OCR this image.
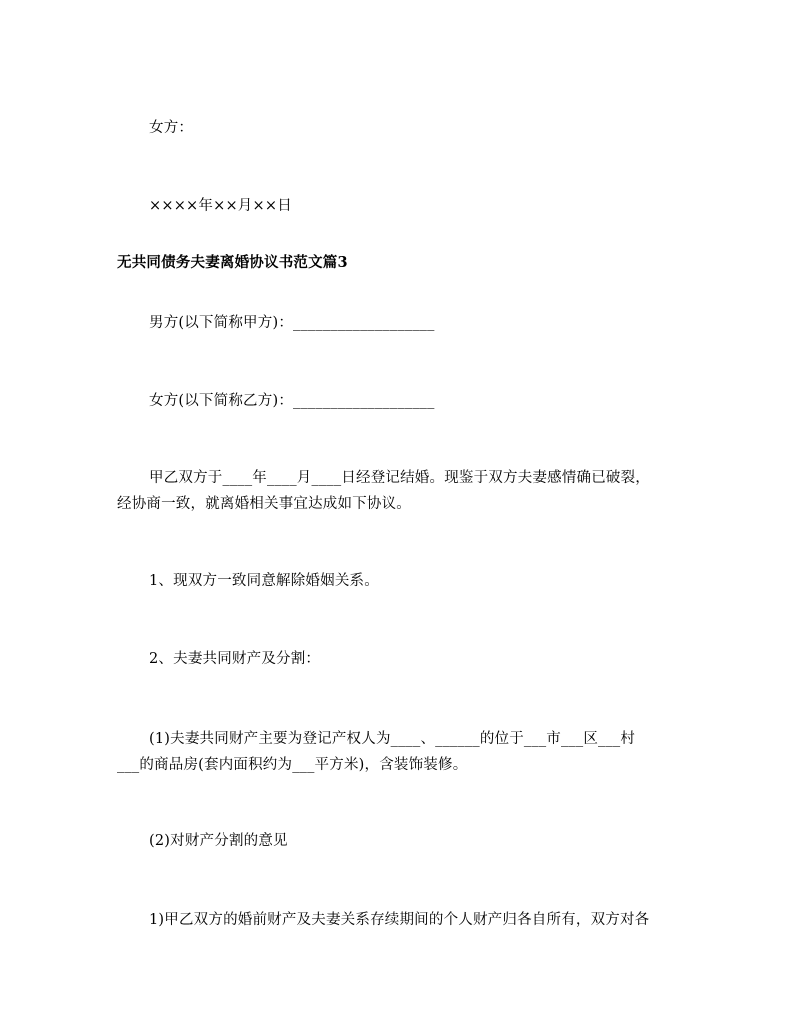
女方：
××××年××月××日
无共同债务夫妻离婚协议书范文篇3
男方(以下简称甲方)：___________________
女方(以下简称乙方)：___________________
甲乙双方于____年____月____日经登记结婚。现鉴于双方夫妻感情确已破裂，
经协商一致，就离婚相关事宜达成如下协议。
1、现双方一致同意解除婚姻关系。
2、夫妻共同财产及分割：
(1)夫妻共同财产主要为登记产权人为____、______的位于___市___区___村
___的商品房(套内面积约为___平方米)，含装饰装修。
(2)对财产分割的意见
1)甲乙双方的婚前财产及夫妻关系存续期间的个人财产归各自所有，双方对各
